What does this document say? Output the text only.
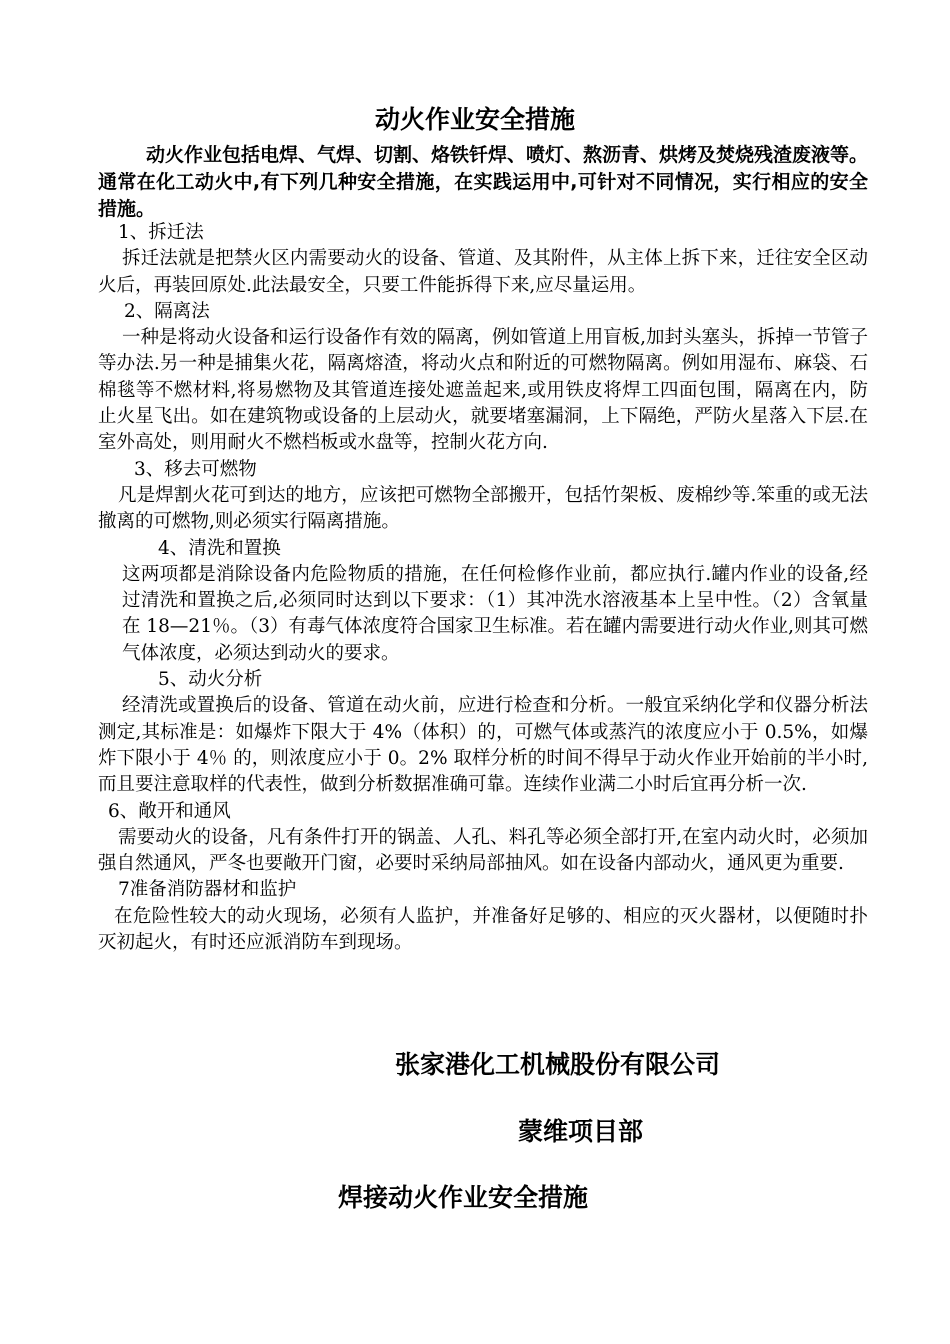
动火作业安全措施

动火作业包括电焊、气焊、切割、烙铁钎焊、喷灯、熬沥青、烘烤及焚烧残渣废液等。通常在化工动火中,有下列几种安全措施，在实践运用中,可针对不同情况，实行相应的安全措施。

1、拆迁法

拆迁法就是把禁火区内需要动火的设备、管道、及其附件，从主体上拆下来，迁往安全区动火后，再装回原处.此法最安全，只要工件能拆得下来,应尽量运用。

2、隔离法

一种是将动火设备和运行设备作有效的隔离，例如管道上用盲板,加封头塞头，拆掉一节管子等办法.另一种是捕集火花，隔离熔渣，将动火点和附近的可燃物隔离。例如用湿布、麻袋、石棉毯等不燃材料,将易燃物及其管道连接处遮盖起来,或用铁皮将焊工四面包围，隔离在内，防止火星飞出。如在建筑物或设备的上层动火，就要堵塞漏洞，上下隔绝，严防火星落入下层.在室外高处，则用耐火不燃档板或水盘等，控制火花方向.

3、移去可燃物

凡是焊割火花可到达的地方，应该把可燃物全部搬开，包括竹架板、废棉纱等.笨重的或无法撤离的可燃物,则必须实行隔离措施。

4、清洗和置换

这两项都是消除设备内危险物质的措施，在任何检修作业前，都应执行.罐内作业的设备,经过清洗和置换之后,必须同时达到以下要求：（1）其冲洗水溶液基本上呈中性。（2）含氧量在 18—21％。（3）有毒气体浓度符合国家卫生标准。若在罐内需要进行动火作业,则其可燃气体浓度，必须达到动火的要求。

5、动火分析

经清洗或置换后的设备、管道在动火前，应进行检查和分析。一般宜采纳化学和仪器分析法测定,其标准是：如爆炸下限大于 4%（体积）的，可燃气体或蒸汽的浓度应小于 0.5%，如爆炸下限小于 4％ 的，则浓度应小于 0。2% 取样分析的时间不得早于动火作业开始前的半小时,而且要注意取样的代表性，做到分析数据准确可靠。连续作业满二小时后宜再分析一次.

6、敞开和通风

需要动火的设备，凡有条件打开的锅盖、人孔、料孔等必须全部打开,在室内动火时，必须加强自然通风，严冬也要敞开门窗，必要时采纳局部抽风。如在设备内部动火，通风更为重要.

7准备消防器材和监护

在危险性较大的动火现场，必须有人监护，并准备好足够的、相应的灭火器材，以便随时扑灭初起火，有时还应派消防车到现场。

张家港化工机械股份有限公司

蒙维项目部

焊接动火作业安全措施
